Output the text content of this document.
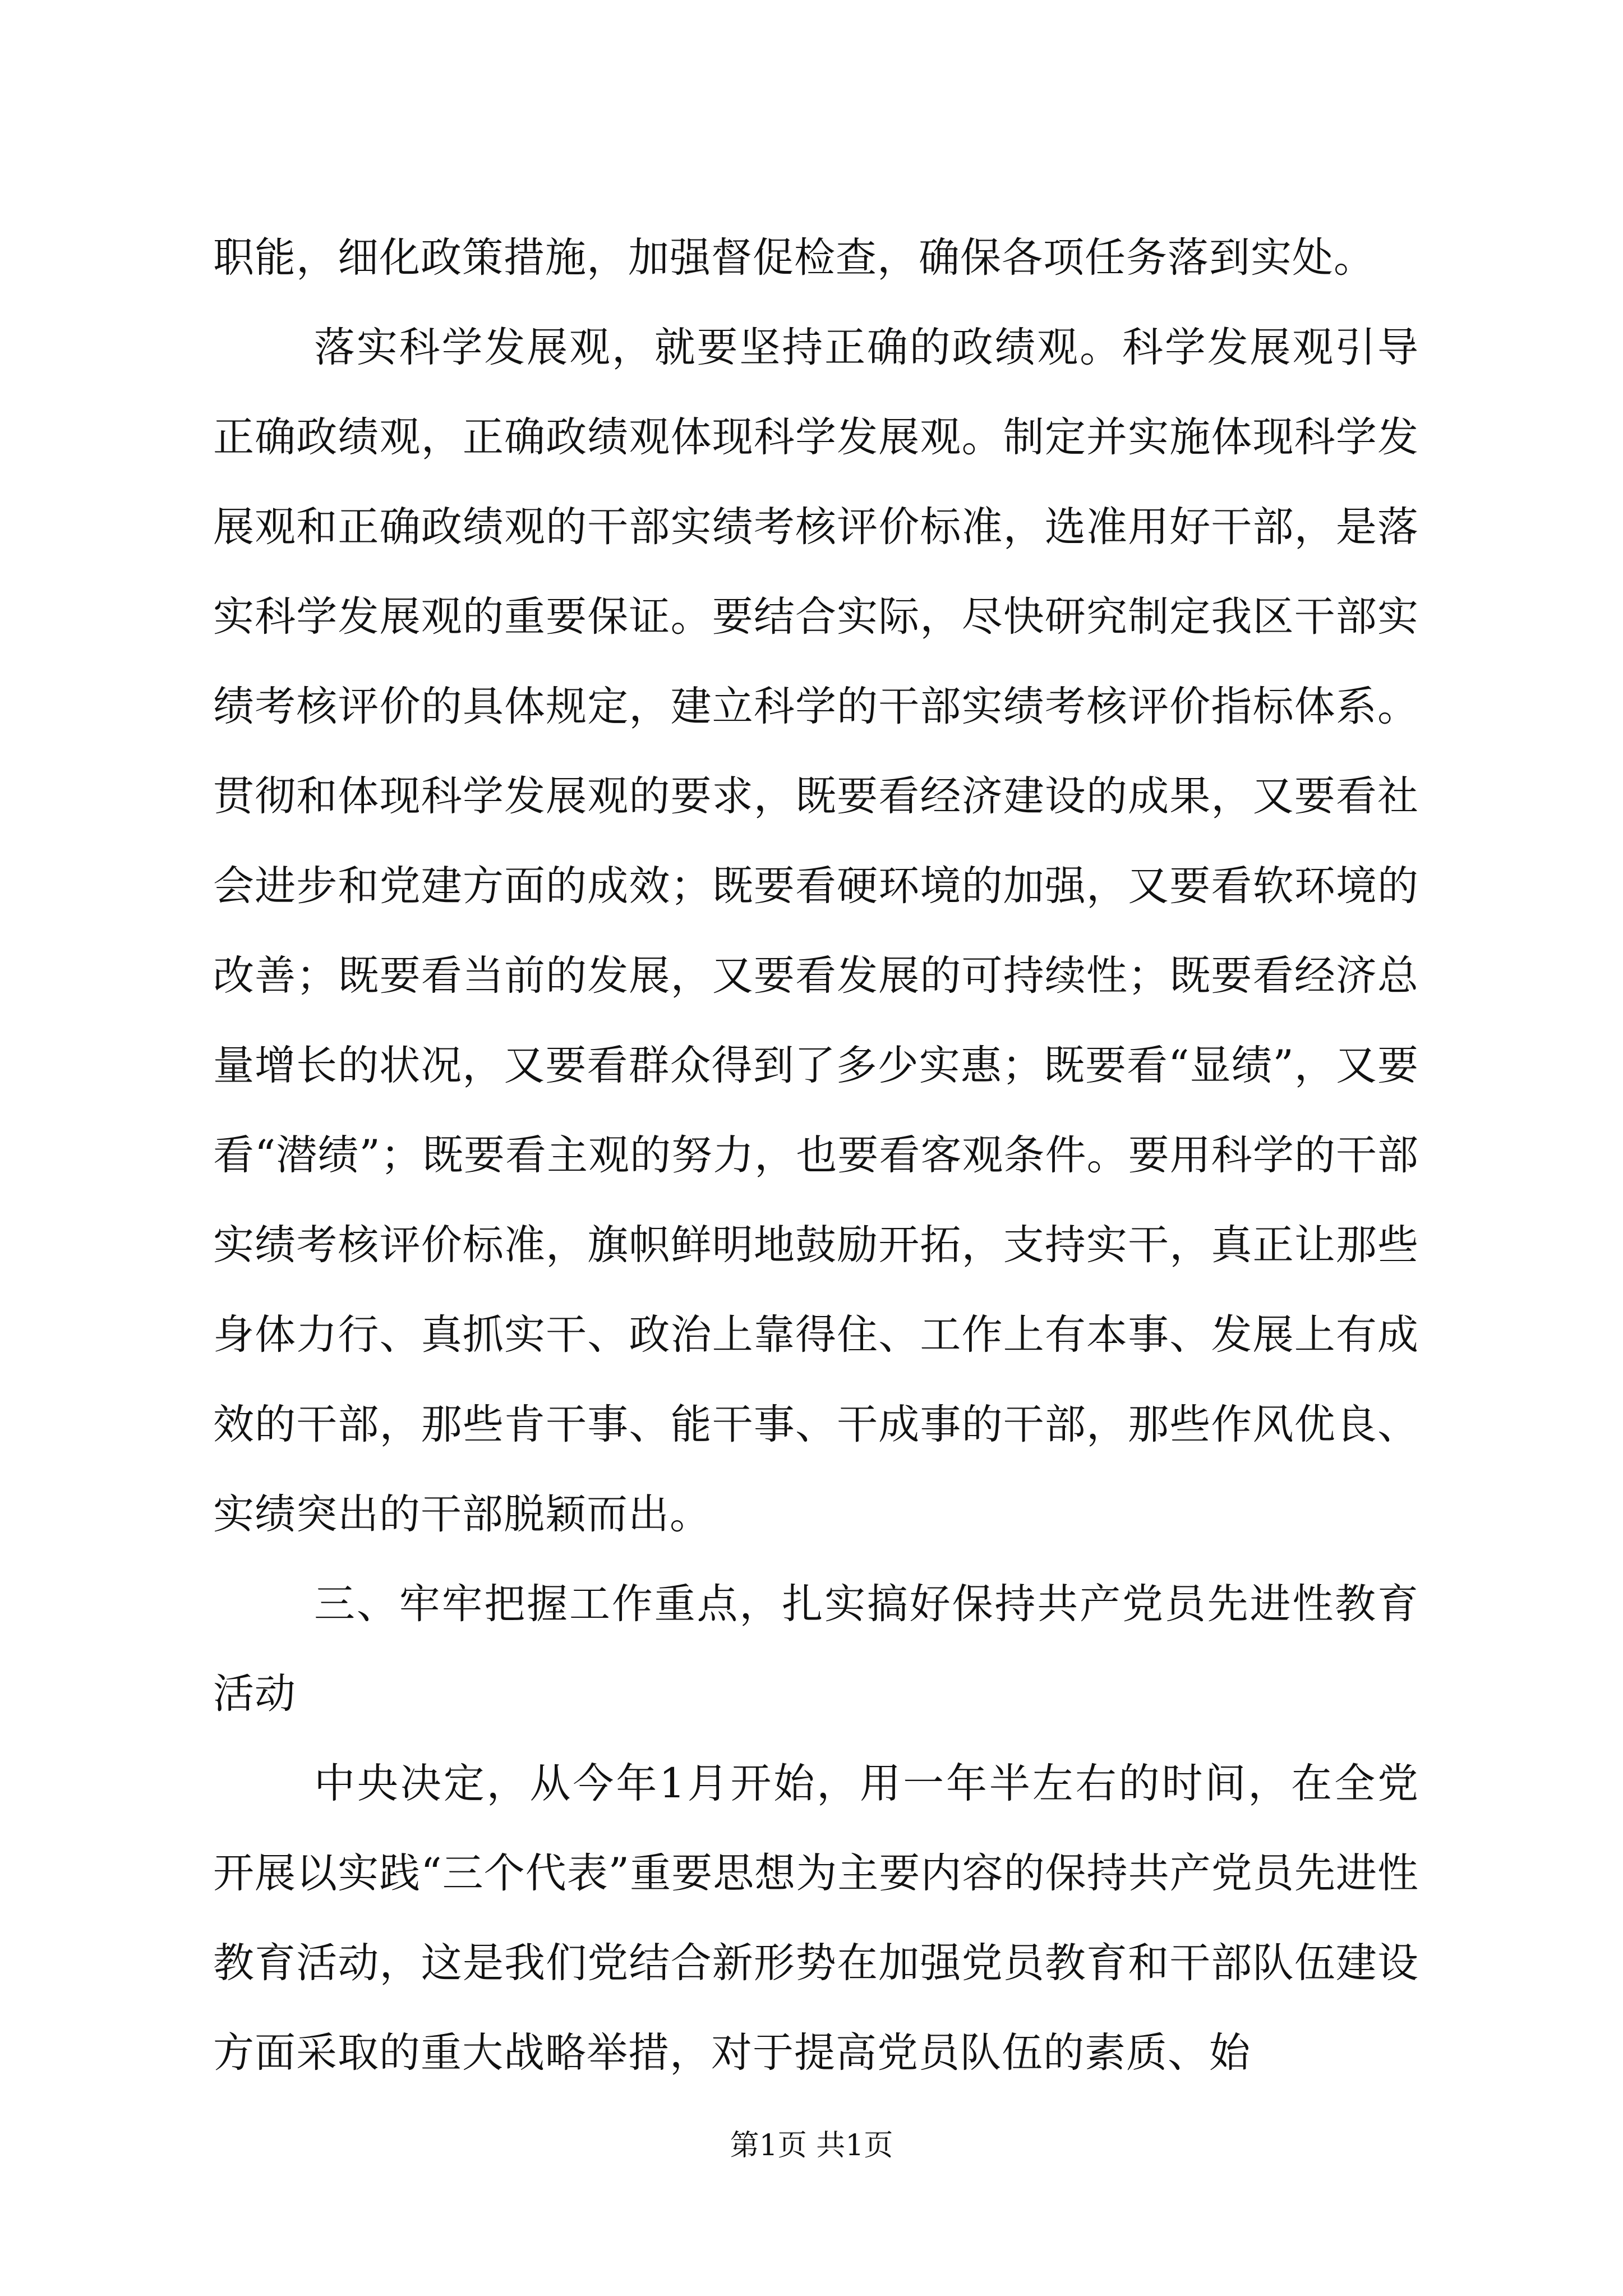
职能，细化政策措施，加强督促检查，确保各项任务落到实处。

落实科学发展观，就要坚持正确的政绩观。科学发展观引导正确政绩观，正确政绩观体现科学发展观。制定并实施体现科学发展观和正确政绩观的干部实绩考核评价标准，选准用好干部，是落实科学发展观的重要保证。要结合实际，尽快研究制定我区干部实绩考核评价的具体规定，建立科学的干部实绩考核评价指标体系。贯彻和体现科学发展观的要求，既要看经济建设的成果，又要看社会进步和党建方面的成效；既要看硬环境的加强，又要看软环境的改善；既要看当前的发展，又要看发展的可持续性；既要看经济总量增长的状况，又要看群众得到了多少实惠；既要看“显绩”，又要看“潜绩”；既要看主观的努力，也要看客观条件。要用科学的干部实绩考核评价标准，旗帜鲜明地鼓励开拓，支持实干，真正让那些身体力行、真抓实干、政治上靠得住、工作上有本事、发展上有成效的干部，那些肯干事、能干事、干成事的干部，那些作风优良、实绩突出的干部脱颖而出。

三、牢牢把握工作重点，扎实搞好保持共产党员先进性教育活动

中央决定，从今年1月开始，用一年半左右的时间，在全党开展以实践“三个代表”重要思想为主要内容的保持共产党员先进性教育活动，这是我们党结合新形势在加强党员教育和干部队伍建设方面采取的重大战略举措，对于提高党员队伍的素质、始

第1页 共1页
